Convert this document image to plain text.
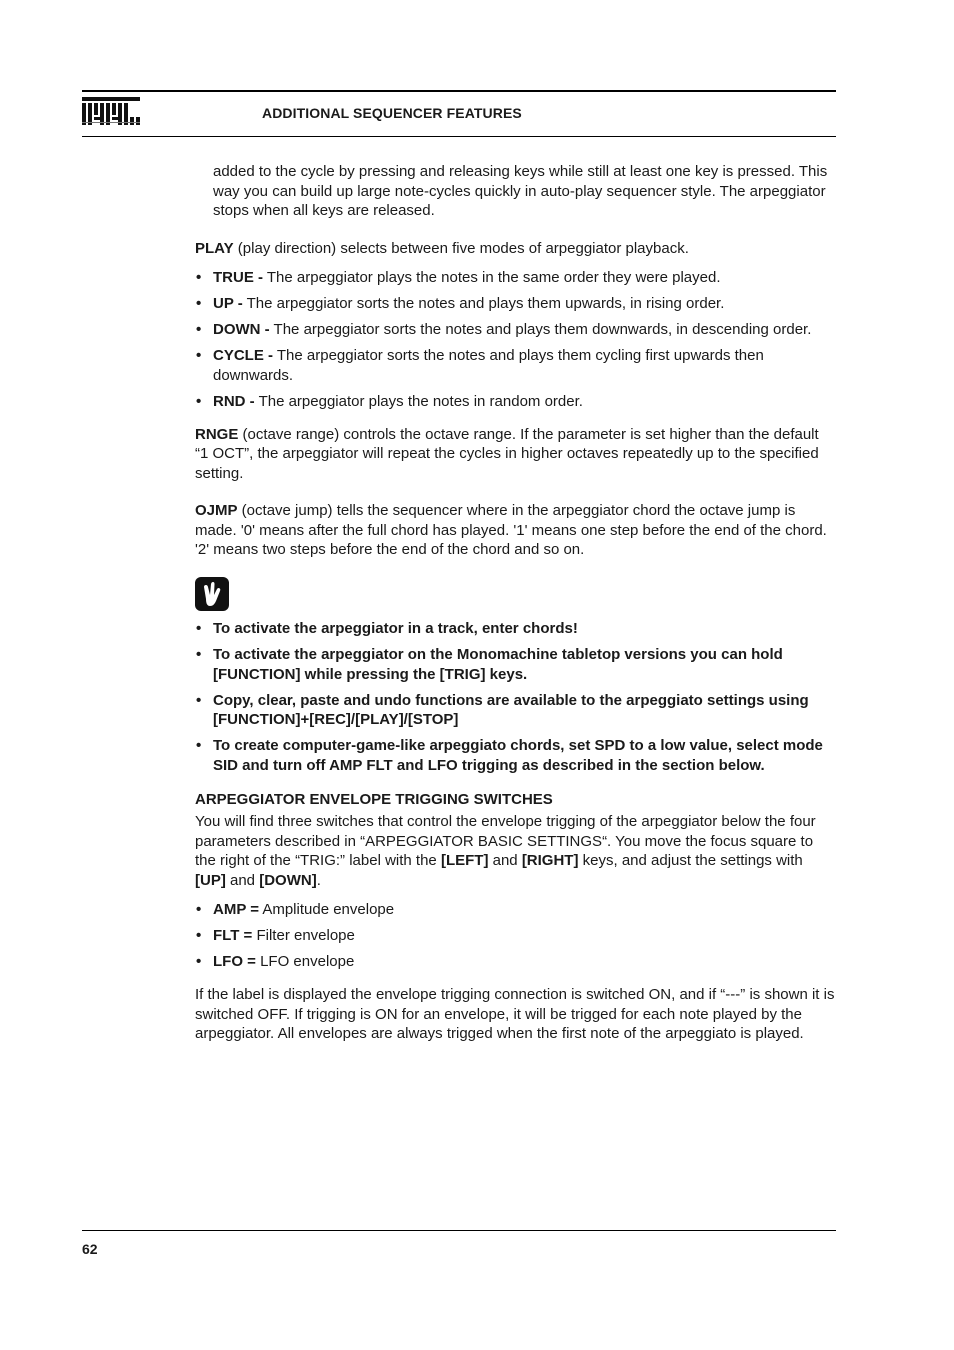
ADDITIONAL SEQUENCER FEATURES

added to the cycle by pressing and releasing keys while still at least one key is pressed. This way you can build up large note-cycles quickly in auto-play sequencer style. The arpeggiator stops when all keys are released.

PLAY (play direction) selects between five modes of arpeggiator playback.

• TRUE - The arpeggiator plays the notes in the same order they were played.
• UP - The arpeggiator sorts the notes and plays them upwards, in rising order.
• DOWN - The arpeggiator sorts the notes and plays them downwards, in descending order.
• CYCLE - The arpeggiator sorts the notes and plays them cycling first upwards then downwards.
• RND - The arpeggiator plays the notes in random order.

RNGE (octave range) controls the octave range. If the parameter is set higher than the default “1 OCT”, the arpeggiator will repeat the cycles in higher octaves repeatedly up to the specified setting.

OJMP (octave jump) tells the sequencer where in the arpeggiator chord the octave jump is made. '0' means after the full chord has played. '1' means one step before the end of the chord. '2' means two steps before the end of the chord and so on.

• To activate the arpeggiator in a track, enter chords!
• To activate the arpeggiator on the Monomachine tabletop versions you can hold [FUNCTION] while pressing the [TRIG] keys.
• Copy, clear, paste and undo functions are available to the arpeggiato settings using [FUNCTION]+[REC]/[PLAY]/[STOP]
• To create computer-game-like arpeggiato chords, set SPD to a low value, select mode SID and turn off AMP FLT and LFO trigging as described in the section below.

ARPEGGIATOR ENVELOPE TRIGGING SWITCHES

You will find three switches that control the envelope trigging of the arpeggiator below the four parameters described in “ARPEGGIATOR BASIC SETTINGS“. You move the focus square to the right of the “TRIG:” label with the [LEFT] and [RIGHT] keys, and adjust the settings with [UP] and [DOWN].

• AMP = Amplitude envelope
• FLT = Filter envelope
• LFO = LFO envelope

If the label is displayed the envelope trigging connection is switched ON, and if “---” is shown it is switched OFF. If trigging is ON for an envelope, it will be trigged for each note played by the arpeggiator. All envelopes are always trigged when the first note of the arpeggiato is played.

62
